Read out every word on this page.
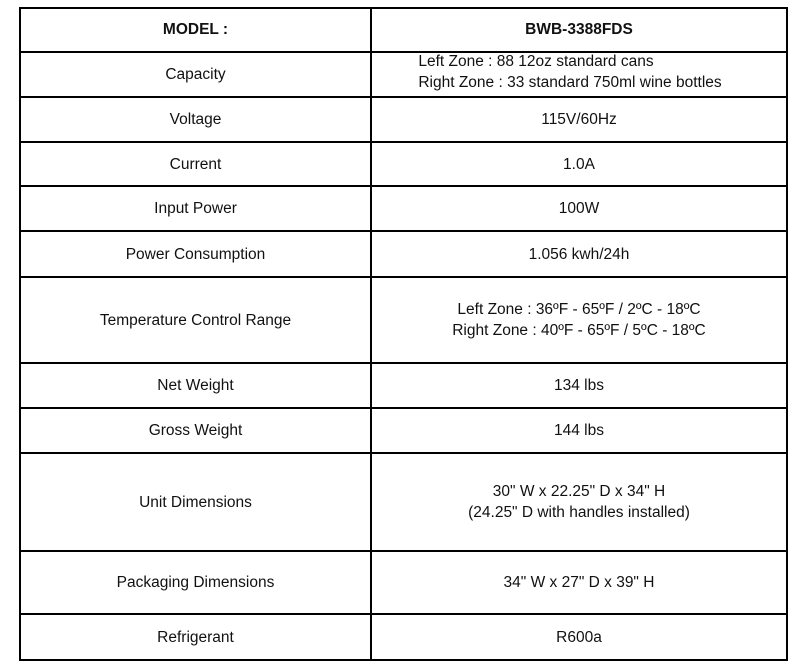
MODEL :	BWB-3388FDS
Capacity	Left Zone : 88 12oz standard cans
Right Zone : 33 standard 750ml wine bottles

Voltage	115V/60Hz
Current	1.0A
Input Power	100W
Power Consumption	1.056 kwh/24h
Temperature Control Range	Left Zone : 36ºF - 65ºF / 2ºC - 18ºC
Right Zone : 40ºF - 65ºF / 5ºC - 18ºC

Net Weight	134 lbs
Gross Weight	144 lbs
Unit Dimensions	30" W x 22.25" D x 34" H
(24.25" D with handles installed)

Packaging Dimensions	34" W x 27" D x 39" H
Refrigerant	R600a
